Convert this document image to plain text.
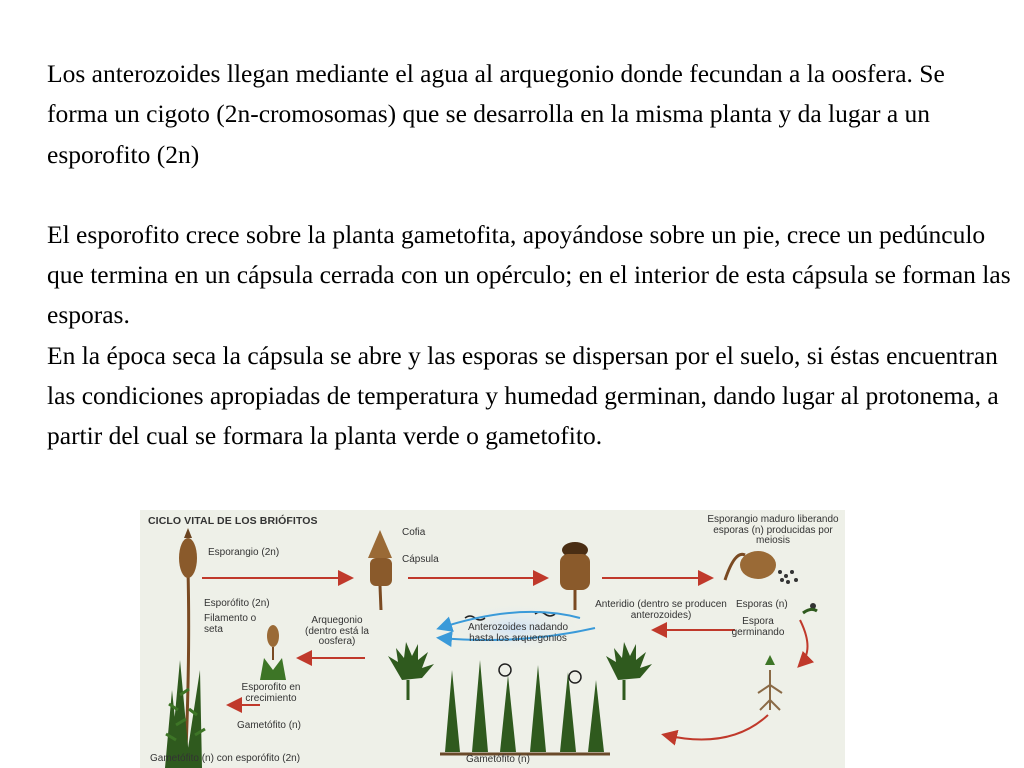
Los anterozoides llegan mediante el agua al arquegonio donde fecundan a la oosfera. Se forma un cigoto (2n-cromosomas) que se desarrolla en la misma planta y da lugar a un esporofito (2n)

El esporofito crece sobre la planta gametofita, apoyándose sobre un pie, crece un pedúnculo que termina en un cápsula cerrada con un opérculo; en el interior de esta cápsula se forman las esporas.

En la época seca la cápsula se abre y las esporas se dispersan por el suelo, si éstas encuentran las condiciones apropiadas de temperatura y humedad germinan, dando lugar al protonema, a partir del cual se formara la planta verde o gametofito.

CICLO VITAL DE LOS BRIÓFITOS
Esporangio (2n)
Cofia
Cápsula
Esporangio maduro liberando esporas (n) producidas por meiosis
Esporófito (2n)
Filamento o seta
Arquegonio (dentro está la oosfera)
Anterozoides nadando hasta los arquegonios
Anteridio (dentro se producen anterozoides)
Esporas (n)
Espora germinando
Esporofito en crecimiento
Gametófito (n)
Gametófito (n) con esporófito (2n)	Gametófito (n)
